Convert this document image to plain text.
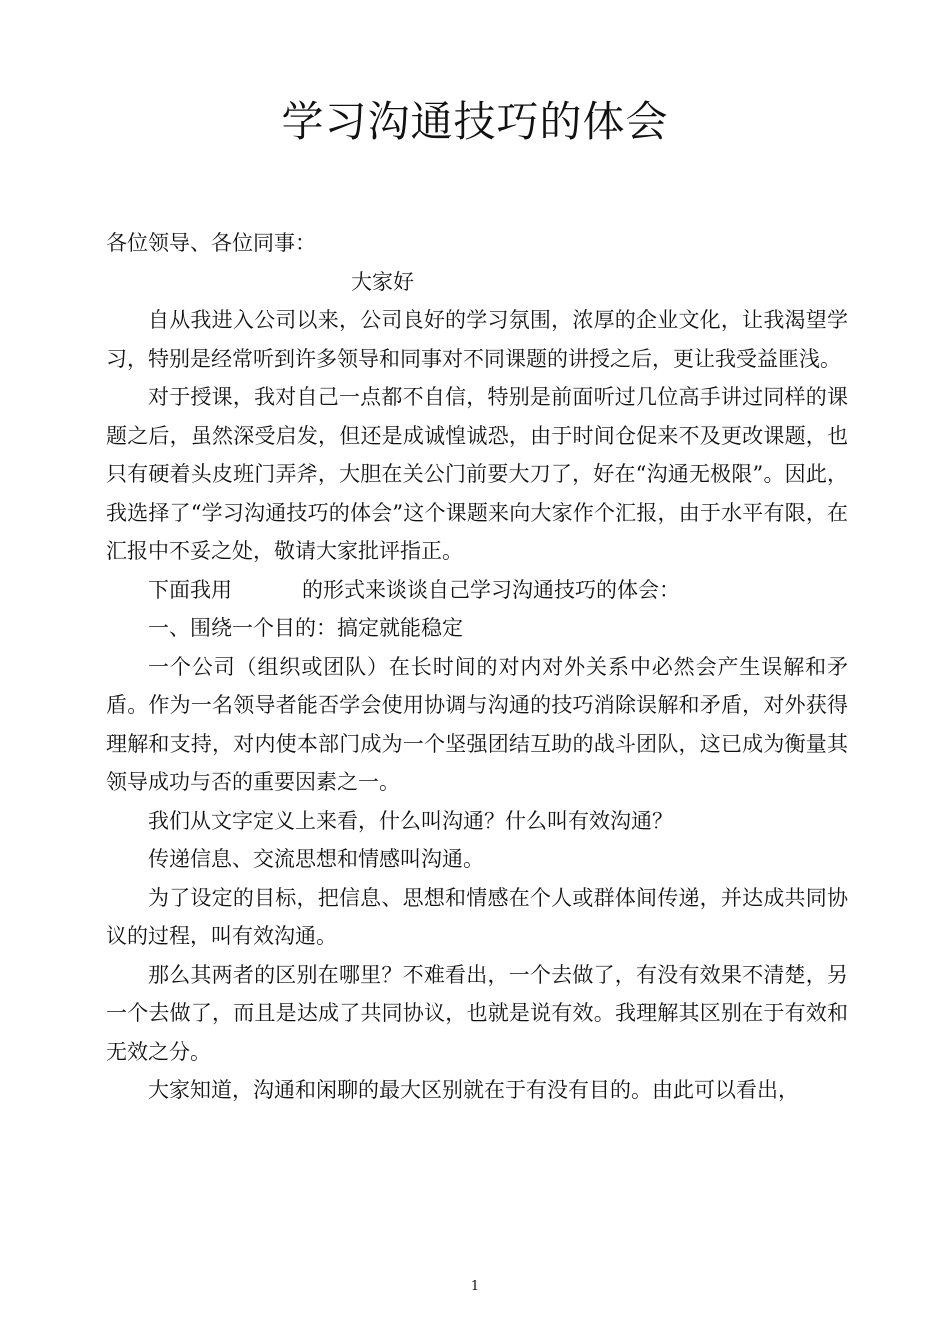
学习沟通技巧的体会

各位领导、各位同事：

大家好

自从我进入公司以来，公司良好的学习氛围，浓厚的企业文化，让我渴望学习，特别是经常听到许多领导和同事对不同课题的讲授之后，更让我受益匪浅。

对于授课，我对自己一点都不自信，特别是前面听过几位高手讲过同样的课题之后，虽然深受启发，但还是成诚惶诚恐，由于时间仓促来不及更改课题，也只有硬着头皮班门弄斧，大胆在关公门前要大刀了，好在“沟通无极限”。因此，我选择了“学习沟通技巧的体会”这个课题来向大家作个汇报，由于水平有限，在汇报中不妥之处，敬请大家批评指正。

下面我用	的形式来谈谈自己学习沟通技巧的体会：

一、围绕一个目的：搞定就能稳定

一个公司（组织或团队）在长时间的对内对外关系中必然会产生误解和矛盾。作为一名领导者能否学会使用协调与沟通的技巧消除误解和矛盾，对外获得理解和支持，对内使本部门成为一个坚强团结互助的战斗团队，这已成为衡量其领导成功与否的重要因素之一。

我们从文字定义上来看，什么叫沟通？什么叫有效沟通？

传递信息、交流思想和情感叫沟通。

为了设定的目标，把信息、思想和情感在个人或群体间传递，并达成共同协议的过程，叫有效沟通。

那么其两者的区别在哪里？不难看出，一个去做了，有没有效果不清楚，另一个去做了，而且是达成了共同协议，也就是说有效。我理解其区别在于有效和无效之分。

大家知道，沟通和闲聊的最大区别就在于有没有目的。由此可以看出，

1
